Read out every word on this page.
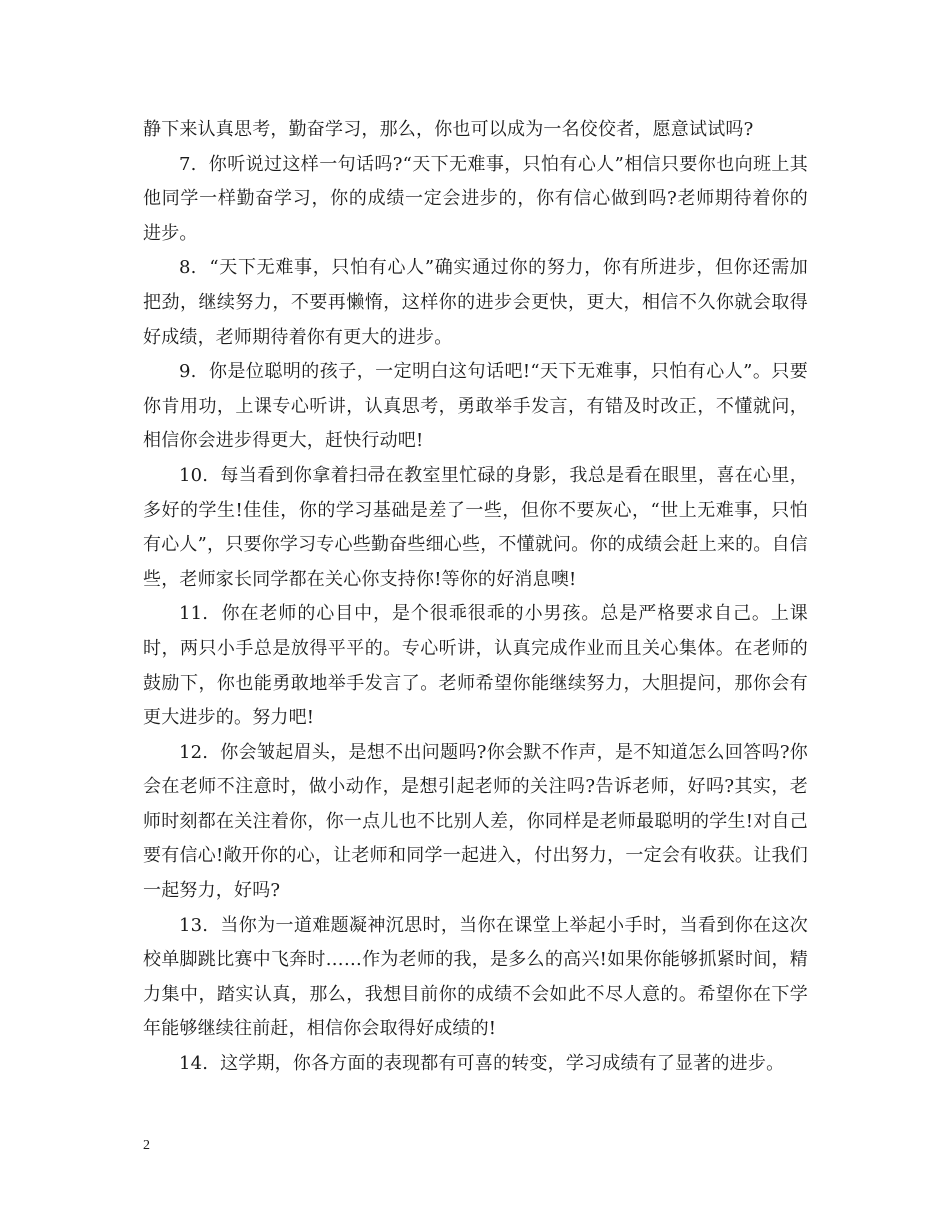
静下来认真思考，勤奋学习，那么，你也可以成为一名佼佼者，愿意试试吗?

7.  你听说过这样一句话吗?“天下无难事，只怕有心人”相信只要你也向班上其他同学一样勤奋学习，你的成绩一定会进步的，你有信心做到吗?老师期待着你的进步。

8.  “天下无难事，只怕有心人”确实通过你的努力，你有所进步，但你还需加把劲，继续努力，不要再懒惰，这样你的进步会更快，更大，相信不久你就会取得好成绩，老师期待着你有更大的进步。

9.  你是位聪明的孩子，一定明白这句话吧!“天下无难事，只怕有心人”。只要你肯用功，上课专心听讲，认真思考，勇敢举手发言，有错及时改正，不懂就问，相信你会进步得更大，赶快行动吧!

10.  每当看到你拿着扫帚在教室里忙碌的身影，我总是看在眼里，喜在心里，多好的学生!佳佳，你的学习基础是差了一些，但你不要灰心，“世上无难事，只怕有心人”，只要你学习专心些勤奋些细心些，不懂就问。你的成绩会赶上来的。自信些，老师家长同学都在关心你支持你!等你的好消息噢!

11.  你在老师的心目中，是个很乖很乖的小男孩。总是严格要求自己。上课时，两只小手总是放得平平的。专心听讲，认真完成作业而且关心集体。在老师的鼓励下，你也能勇敢地举手发言了。老师希望你能继续努力，大胆提问，那你会有更大进步的。努力吧!

12.  你会皱起眉头，是想不出问题吗?你会默不作声，是不知道怎么回答吗?你会在老师不注意时，做小动作，是想引起老师的关注吗?告诉老师，好吗?其实，老师时刻都在关注着你，你一点儿也不比别人差，你同样是老师最聪明的学生!对自己要有信心!敞开你的心，让老师和同学一起进入，付出努力，一定会有收获。让我们一起努力，好吗?

13.  当你为一道难题凝神沉思时，当你在课堂上举起小手时，当看到你在这次校单脚跳比赛中飞奔时……作为老师的我，是多么的高兴!如果你能够抓紧时间，精力集中，踏实认真，那么，我想目前你的成绩不会如此不尽人意的。希望你在下学年能够继续往前赶，相信你会取得好成绩的!

14.  这学期，你各方面的表现都有可喜的转变，学习成绩有了显著的进步。

2
